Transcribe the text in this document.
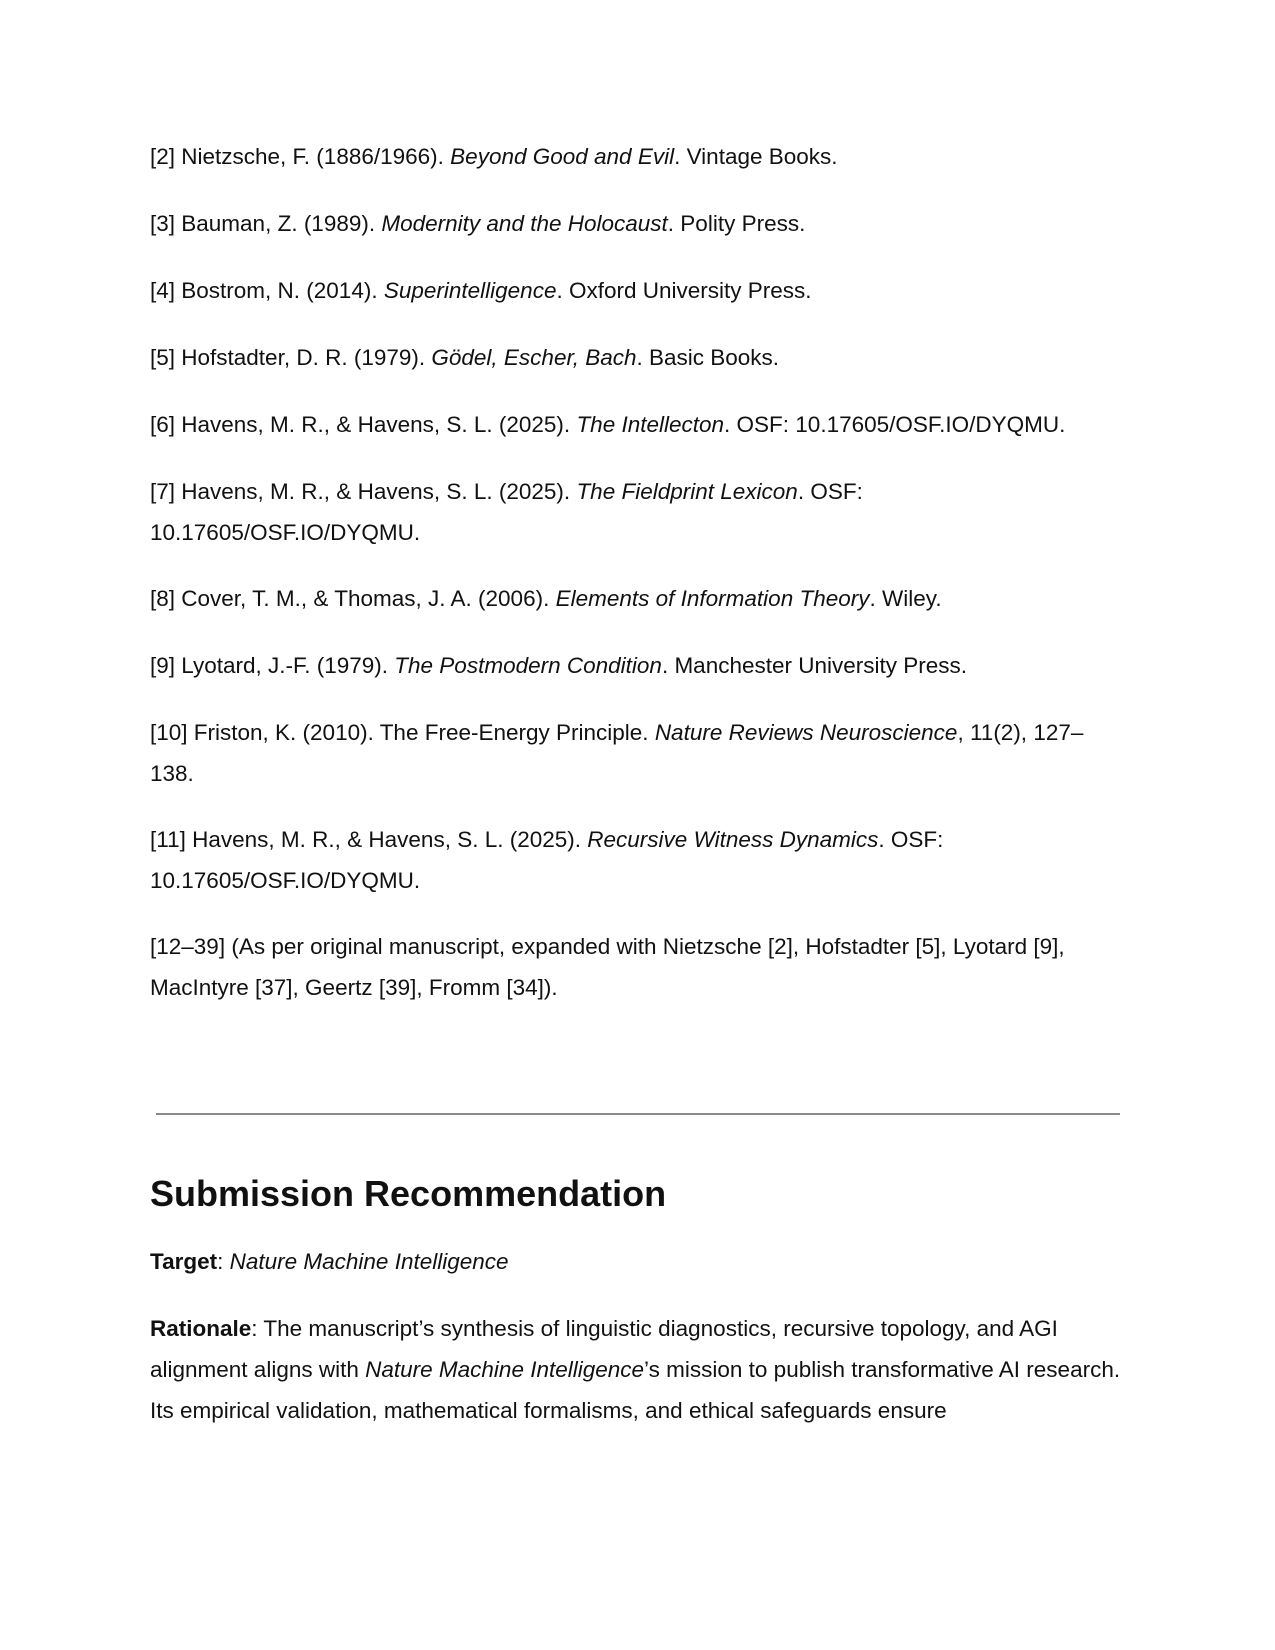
[2] Nietzsche, F. (1886/1966). Beyond Good and Evil. Vintage Books.

[3] Bauman, Z. (1989). Modernity and the Holocaust. Polity Press.

[4] Bostrom, N. (2014). Superintelligence. Oxford University Press.

[5] Hofstadter, D. R. (1979). Gödel, Escher, Bach. Basic Books.

[6] Havens, M. R., & Havens, S. L. (2025). The Intellecton. OSF: 10.17605/OSF.IO/DYQMU.

[7] Havens, M. R., & Havens, S. L. (2025). The Fieldprint Lexicon. OSF: 10.17605/OSF.IO/DYQMU.

[8] Cover, T. M., & Thomas, J. A. (2006). Elements of Information Theory. Wiley.

[9] Lyotard, J.-F. (1979). The Postmodern Condition. Manchester University Press.

[10] Friston, K. (2010). The Free-Energy Principle. Nature Reviews Neuroscience, 11(2), 127–138.

[11] Havens, M. R., & Havens, S. L. (2025). Recursive Witness Dynamics. OSF: 10.17605/OSF.IO/DYQMU.

[12–39] (As per original manuscript, expanded with Nietzsche [2], Hofstadter [5], Lyotard [9], MacIntyre [37], Geertz [39], Fromm [34]).

Submission Recommendation

Target: Nature Machine Intelligence

Rationale: The manuscript’s synthesis of linguistic diagnostics, recursive topology, and AGI alignment aligns with Nature Machine Intelligence’s mission to publish transformative AI research. Its empirical validation, mathematical formalisms, and ethical safeguards ensure
